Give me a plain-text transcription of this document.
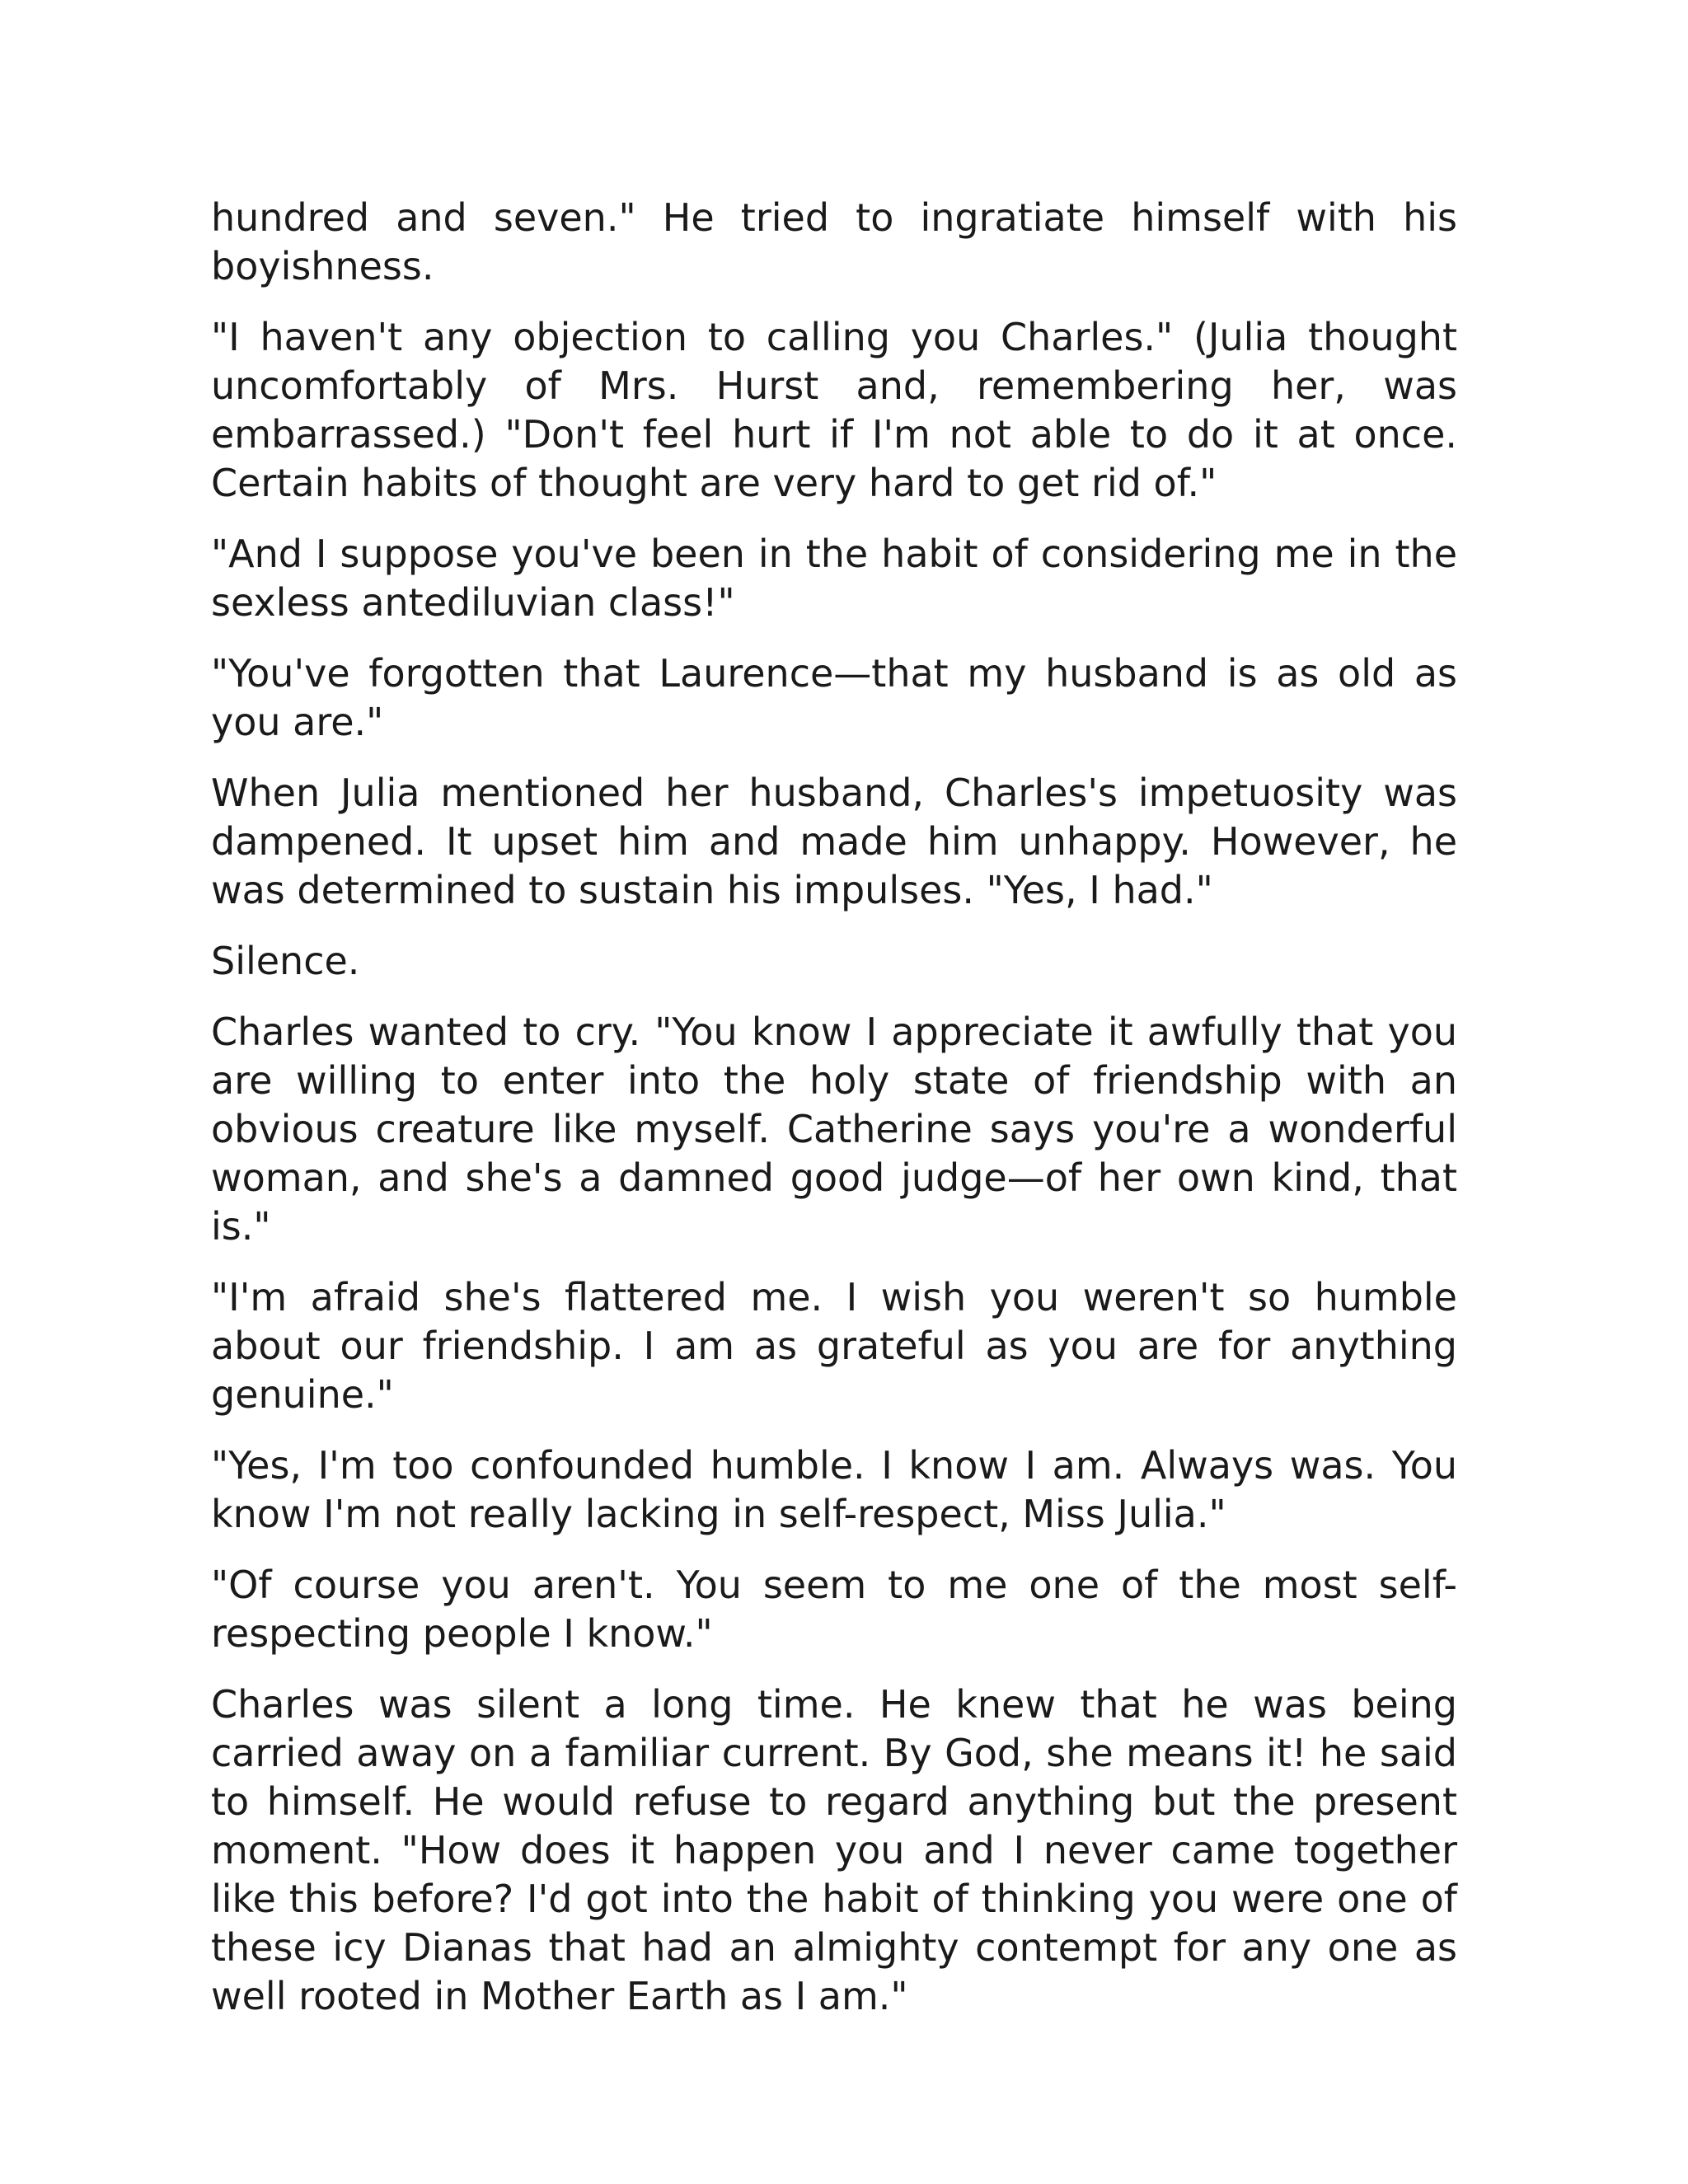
hundred and seven." He tried to ingratiate himself with his boyishness.

"I haven't any objection to calling you Charles." (Julia thought uncomfortably of Mrs. Hurst and, remembering her, was embarrassed.) "Don't feel hurt if I'm not able to do it at once. Certain habits of thought are very hard to get rid of."

"And I suppose you've been in the habit of considering me in the sexless antediluvian class!"

"You've forgotten that Laurence—that my husband is as old as you are."

When Julia mentioned her husband, Charles's impetuosity was dampened. It upset him and made him unhappy. However, he was determined to sustain his impulses. "Yes, I had."

Silence.

Charles wanted to cry. "You know I appreciate it awfully that you are willing to enter into the holy state of friendship with an obvious creature like myself. Catherine says you're a wonderful woman, and she's a damned good judge—of her own kind, that is."

"I'm afraid she's flattered me. I wish you weren't so humble about our friendship. I am as grateful as you are for anything genuine."

"Yes, I'm too confounded humble. I know I am. Always was. You know I'm not really lacking in self-respect, Miss Julia."

"Of course you aren't. You seem to me one of the most self-respecting people I know."

Charles was silent a long time. He knew that he was being carried away on a familiar current. By God, she means it! he said to himself. He would refuse to regard anything but the present moment. "How does it happen you and I never came together like this before? I'd got into the habit of thinking you were one of these icy Dianas that had an almighty contempt for any one as well rooted in Mother Earth as I am."
